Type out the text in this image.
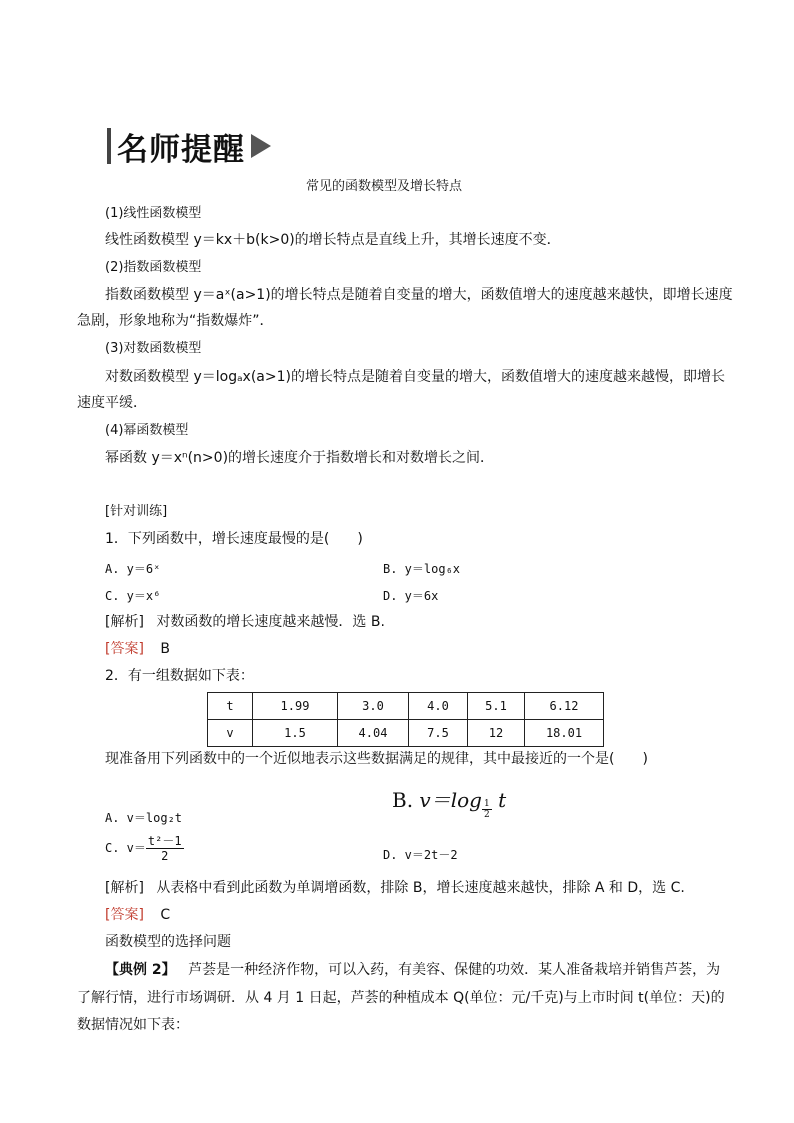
名师提醒
常见的函数模型及增长特点
(1)线性函数模型
线性函数模型 y＝kx＋b(k>0)的增长特点是直线上升，其增长速度不变．
(2)指数函数模型
指数函数模型 y＝aˣ(a>1)的增长特点是随着自变量的增大，函数值增大的速度越来越快，即增长速度
急剧，形象地称为“指数爆炸”．
(3)对数函数模型
对数函数模型 y＝logₐx(a>1)的增长特点是随着自变量的增大，函数值增大的速度越来越慢，即增长
速度平缓．
(4)幂函数模型
幂函数 y＝xⁿ(n>0)的增长速度介于指数增长和对数增长之间．
[针对训练]
1．下列函数中，增长速度最慢的是(　　)
A. y＝6ˣ	B. y＝log₆x
C. y＝x⁶	D. y＝6x
[解析] 对数函数的增长速度越来越慢．选 B.
[答案] B
2．有一组数据如下表：
t	1.99	3.0	4.0	5.1	6.12
v	1.5	4.04	7.5	12	18.01
现准备用下列函数中的一个近似地表示这些数据满足的规律，其中最接近的一个是(　　)
B. $v=\log \frac{1}{2}$ t
A. v＝log₂t
C. $v= \frac{\text{t²－1}}{2}$	D. v＝2t－2
[解析] 从表格中看到此函数为单调增函数，排除 B，增长速度越来越快，排除 A 和 D，选 C.
[答案] C
函数模型的选择问题
【典例 2】 芦荟是一种经济作物，可以入药，有美容、保健的功效．某人准备栽培并销售芦荟，为
了解行情，进行市场调研．从 4 月 1 日起，芦荟的种植成本 Q(单位：元/千克)与上市时间 t(单位：天)的
数据情况如下表：
